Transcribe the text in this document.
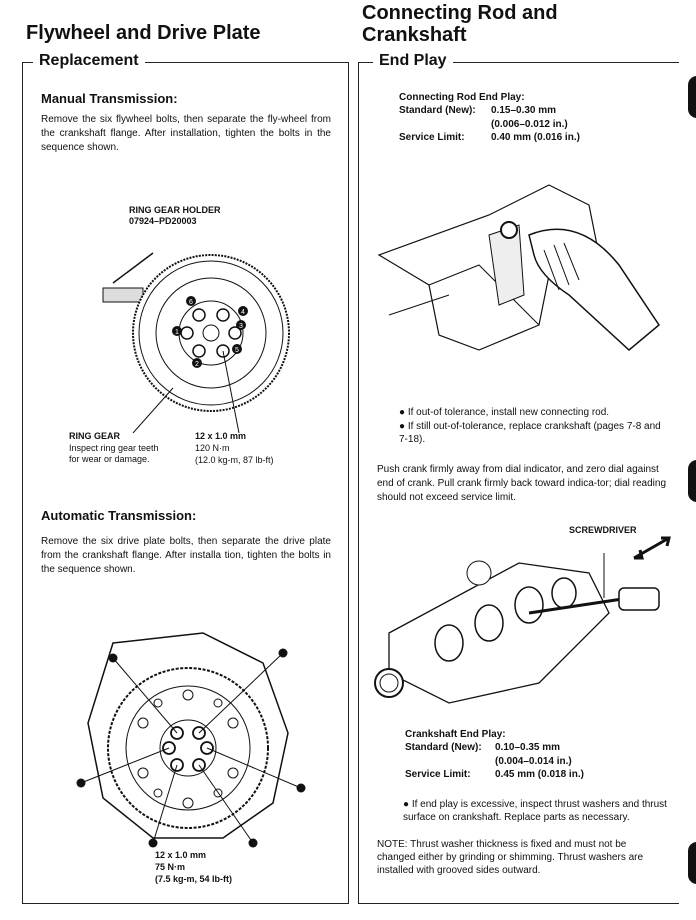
Flywheel and Drive Plate
Replacement
Manual Transmission:
Remove the six flywheel bolts, then separate the fly-wheel from the crankshaft flange. After installation, tighten the bolts in the sequence shown.
RING GEAR HOLDER
07924–PD20003
6
2
3
4
5
1
RING GEAR
Inspect ring gear teeth for wear or damage.
12 x 1.0 mm
120 N·m
(12.0 kg-m, 87 lb-ft)
Automatic Transmission:
Remove the six drive plate bolts, then separate the drive plate from the crankshaft flange. After installa tion, tighten the bolts in the sequence shown.
12 x 1.0 mm
75 N·m
(7.5 kg-m, 54 lb-ft)
Connecting Rod and
Crankshaft
End Play
Connecting Rod End Play:
Standard (New): 0.15–0.30 mm
(0.006–0.012 in.)
Service Limit:	0.40 mm (0.016 in.)
● If out-of tolerance, install new connecting rod.
● If still out-of-tolerance, replace crankshaft (pages 7-8 and 7-18).
Push crank firmly away from dial indicator, and zero dial against end of crank. Pull crank firmly back toward indica-tor; dial reading should not exceed service limit.
SCREWDRIVER
Crankshaft End Play:
Standard (New): 0.10–0.35 mm
(0.004–0.014 in.)
Service Limit: 0.45 mm (0.018 in.)
● If end play is excessive, inspect thrust washers and thrust surface on crankshaft. Replace parts as necessary.
NOTE: Thrust washer thickness is fixed and must not be changed either by grinding or shimming. Thrust washers are installed with grooved sides outward.
